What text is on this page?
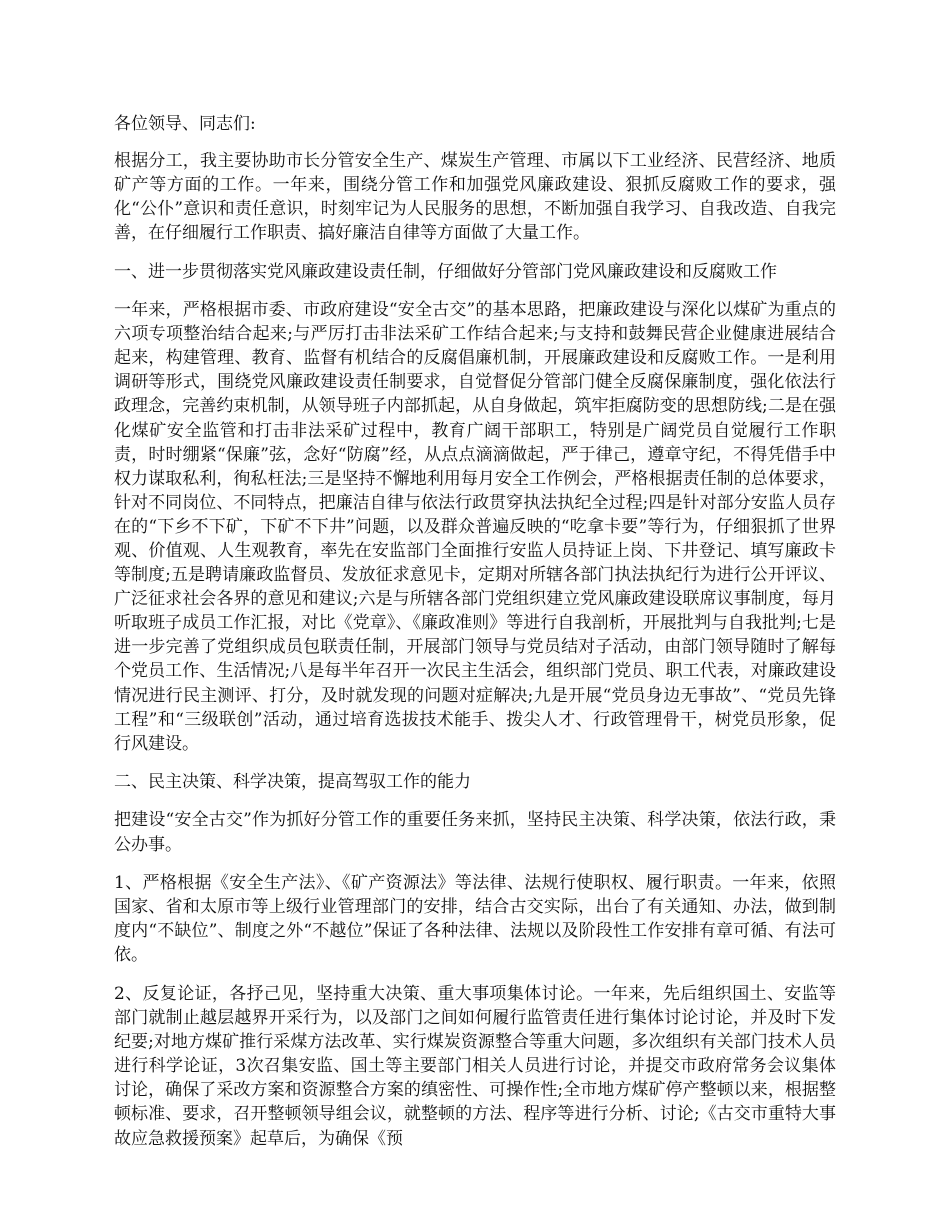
各位领导、同志们:

根据分工，我主要协助市长分管安全生产、煤炭生产管理、市属以下工业经济、民营经济、地质矿产等方面的工作。一年来，围绕分管工作和加强党风廉政建设、狠抓反腐败工作的要求，强化“公仆”意识和责任意识，时刻牢记为人民服务的思想，不断加强自我学习、自我改造、自我完善，在仔细履行工作职责、搞好廉洁自律等方面做了大量工作。

一、进一步贯彻落实党风廉政建设责任制，仔细做好分管部门党风廉政建设和反腐败工作

一年来，严格根据市委、市政府建设“安全古交”的基本思路，把廉政建设与深化以煤矿为重点的六项专项整治结合起来;与严厉打击非法采矿工作结合起来;与支持和鼓舞民营企业健康进展结合起来，构建管理、教育、监督有机结合的反腐倡廉机制，开展廉政建设和反腐败工作。一是利用调研等形式，围绕党风廉政建设责任制要求，自觉督促分管部门健全反腐保廉制度，强化依法行政理念，完善约束机制，从领导班子内部抓起，从自身做起，筑牢拒腐防变的思想防线;二是在强化煤矿安全监管和打击非法采矿过程中，教育广阔干部职工，特别是广阔党员自觉履行工作职责，时时绷紧“保廉”弦，念好“防腐”经，从点点滴滴做起，严于律己，遵章守纪，不得凭借手中权力谋取私利，徇私枉法;三是坚持不懈地利用每月安全工作例会，严格根据责任制的总体要求，针对不同岗位、不同特点，把廉洁自律与依法行政贯穿执法执纪全过程;四是针对部分安监人员存在的“下乡不下矿，下矿不下井”问题，以及群众普遍反映的“吃拿卡要”等行为，仔细狠抓了世界观、价值观、人生观教育，率先在安监部门全面推行安监人员持证上岗、下井登记、填写廉政卡等制度;五是聘请廉政监督员、发放征求意见卡，定期对所辖各部门执法执纪行为进行公开评议、广泛征求社会各界的意见和建议;六是与所辖各部门党组织建立党风廉政建设联席议事制度，每月听取班子成员工作汇报，对比《党章》、《廉政准则》等进行自我剖析，开展批判与自我批判;七是进一步完善了党组织成员包联责任制，开展部门领导与党员结对子活动，由部门领导随时了解每个党员工作、生活情况;八是每半年召开一次民主生活会，组织部门党员、职工代表，对廉政建设情况进行民主测评、打分，及时就发现的问题对症解决;九是开展“党员身边无事故”、“党员先锋工程”和“三级联创”活动，通过培育选拔技术能手、拨尖人才、行政管理骨干，树党员形象，促行风建设。

二、民主决策、科学决策，提高驾驭工作的能力

把建设“安全古交”作为抓好分管工作的重要任务来抓，坚持民主决策、科学决策，依法行政，秉公办事。

1、严格根据《安全生产法》、《矿产资源法》等法律、法规行使职权、履行职责。一年来，依照国家、省和太原市等上级行业管理部门的安排，结合古交实际，出台了有关通知、办法，做到制度内“不缺位”、制度之外“不越位”保证了各种法律、法规以及阶段性工作安排有章可循、有法可依。

2、反复论证，各抒己见，坚持重大决策、重大事项集体讨论。一年来，先后组织国土、安监等部门就制止越层越界开采行为，以及部门之间如何履行监管责任进行集体讨论讨论，并及时下发纪要;对地方煤矿推行采煤方法改革、实行煤炭资源整合等重大问题，多次组织有关部门技术人员进行科学论证，3次召集安监、国土等主要部门相关人员进行讨论，并提交市政府常务会议集体讨论，确保了采改方案和资源整合方案的缜密性、可操作性;全市地方煤矿停产整顿以来，根据整顿标准、要求，召开整顿领导组会议，就整顿的方法、程序等进行分析、讨论;《古交市重特大事故应急救援预案》起草后，为确保《预
